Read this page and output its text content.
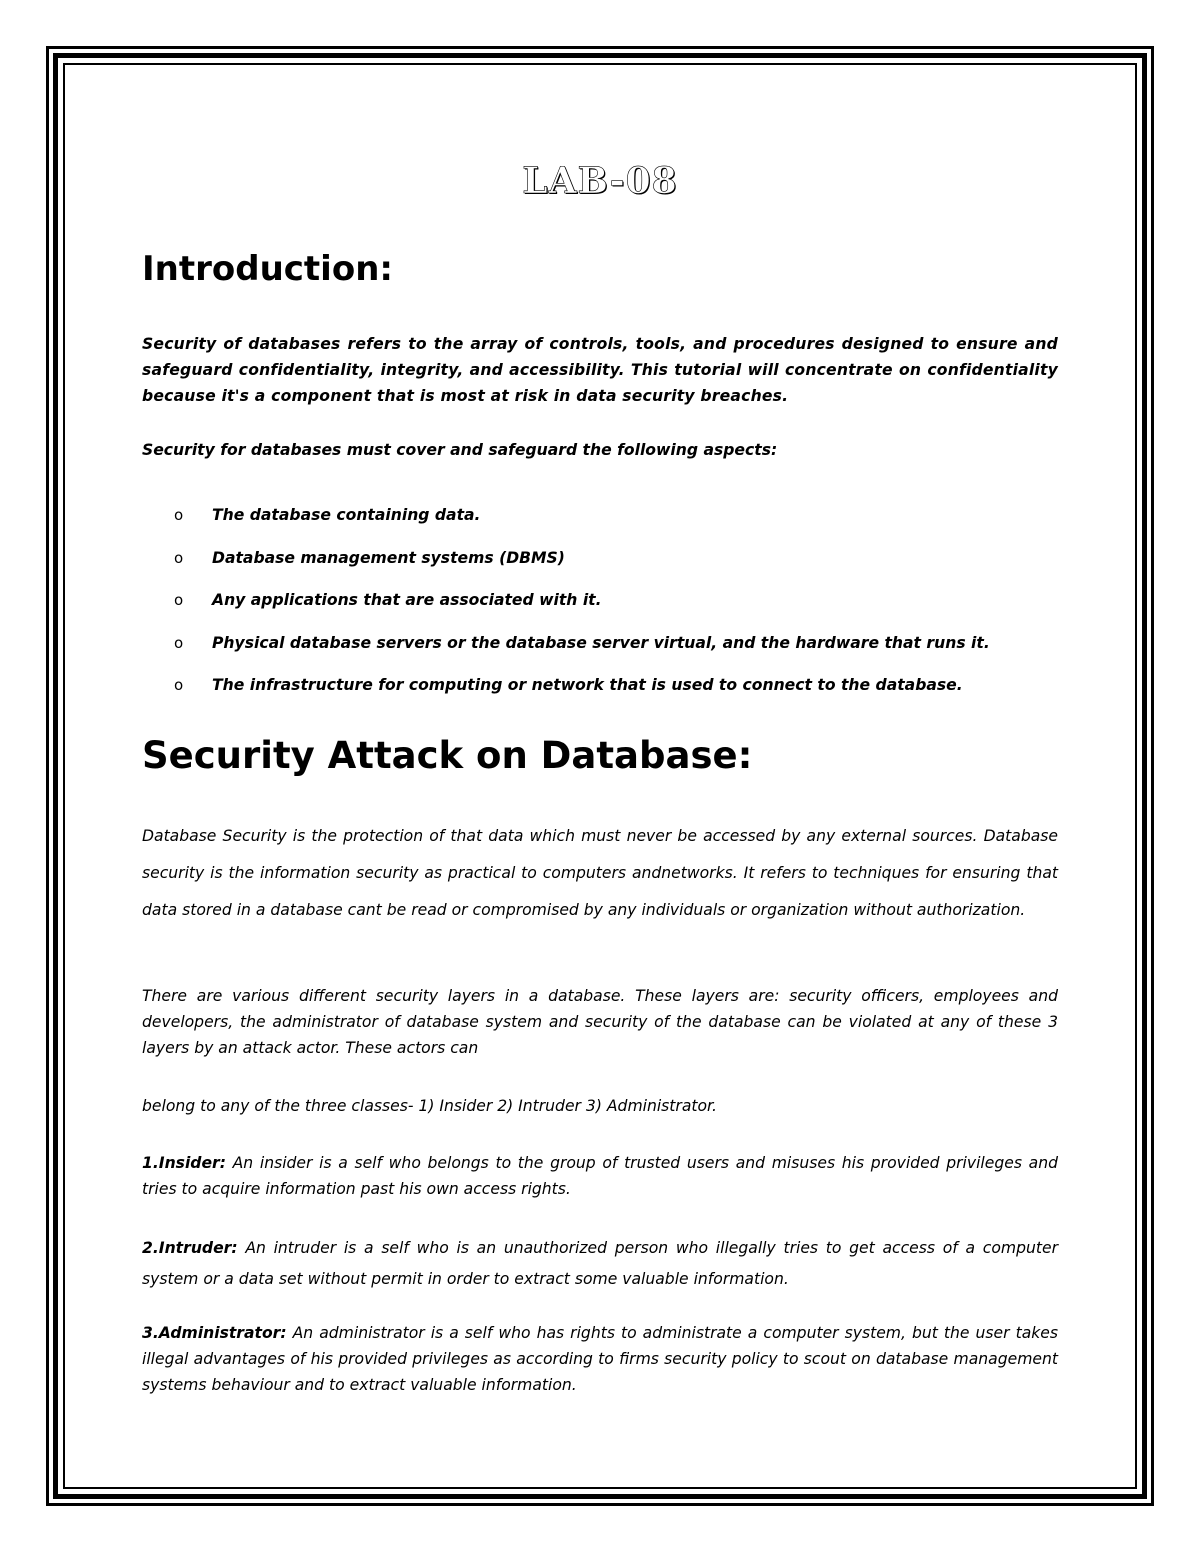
LAB-08
Introduction:

Security of databases refers to the array of controls, tools, and procedures designed to ensure and safeguard confidentiality, integrity, and accessibility. This tutorial will concentrate on confidentiality because it's a component that is most at risk in data security breaches.

Security for databases must cover and safeguard the following aspects:

o The database containing data.
o Database management systems (DBMS)
o Any applications that are associated with it.
o Physical database servers or the database server virtual, and the hardware that runs it.
o The infrastructure for computing or network that is used to connect to the database.
Security Attack on Database:

Database Security is the protection of that data which must never be accessed by any external sources. Database security is the information security as practical to computers andnetworks. It refers to techniques for ensuring that data stored in a database cant be read or compromised by any individuals or organization without authorization.

There are various different security layers in a database. These layers are: security officers, employees and developers, the administrator of database system and security of the database can be violated at any of these 3 layers by an attack actor. These actors can

belong to any of the three classes- 1) Insider 2) Intruder 3) Administrator.

1.Insider: An insider is a self who belongs to the group of trusted users and misuses his provided privileges and tries to acquire information past his own access rights.

2.Intruder: An intruder is a self who is an unauthorized person who illegally tries to get access of a computer system or a data set without permit in order to extract some valuable information.

3.Administrator: An administrator is a self who has rights to administrate a computer system, but the user takes illegal advantages of his provided privileges as according to firms security policy to scout on database management systems behaviour and to extract valuable information.
